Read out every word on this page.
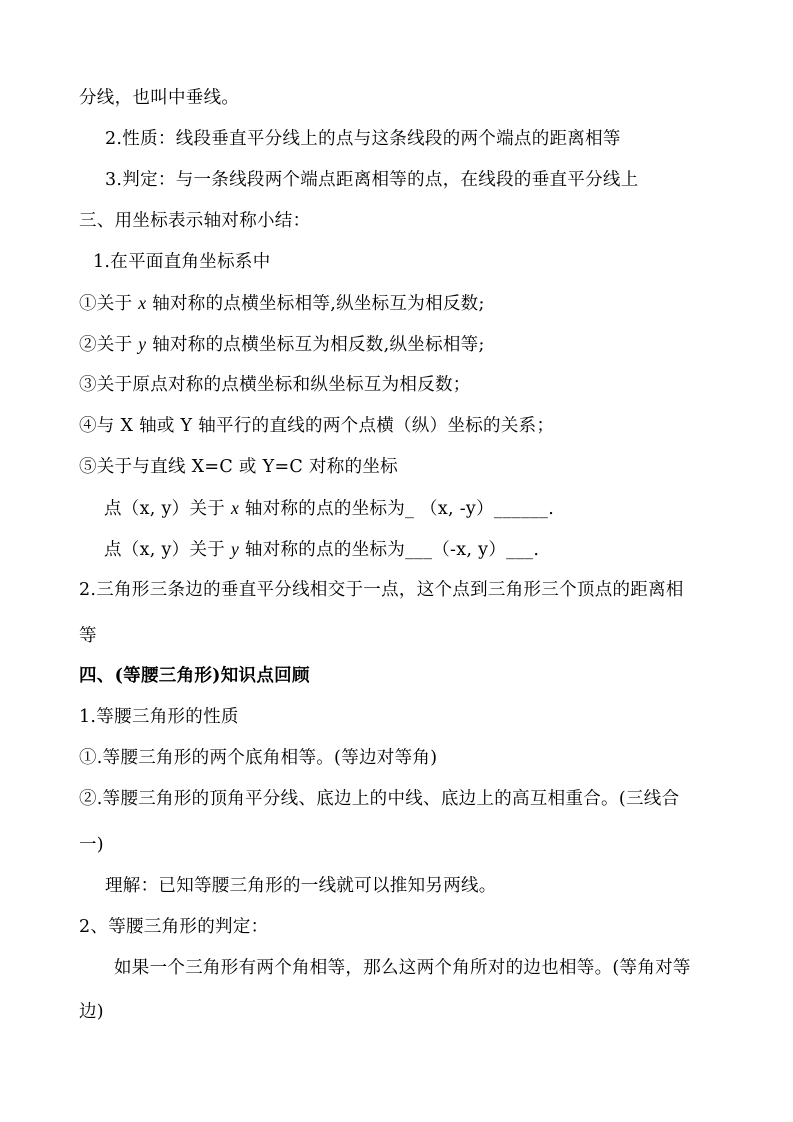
分线，也叫中垂线。
2.性质：线段垂直平分线上的点与这条线段的两个端点的距离相等
3.判定：与一条线段两个端点距离相等的点，在线段的垂直平分线上
三、用坐标表示轴对称小结：
1.在平面直角坐标系中
①关于 x 轴对称的点横坐标相等,纵坐标互为相反数;
②关于 y 轴对称的点横坐标互为相反数,纵坐标相等;
③关于原点对称的点横坐标和纵坐标互为相反数；
④与 X 轴或 Y 轴平行的直线的两个点横（纵）坐标的关系；
⑤关于与直线 X=C 或 Y=C 对称的坐标
点（x, y）关于 x 轴对称的点的坐标为_ （x, -y）______.
点（x, y）关于 y 轴对称的点的坐标为___（-x, y）___.
2.三角形三条边的垂直平分线相交于一点，这个点到三角形三个顶点的距离相
等
四、(等腰三角形)知识点回顾
1.等腰三角形的性质
①.等腰三角形的两个底角相等。(等边对等角)
②.等腰三角形的顶角平分线、底边上的中线、底边上的高互相重合。(三线合
一)
理解：已知等腰三角形的一线就可以推知另两线。
2、等腰三角形的判定：
如果一个三角形有两个角相等，那么这两个角所对的边也相等。(等角对等
边)
